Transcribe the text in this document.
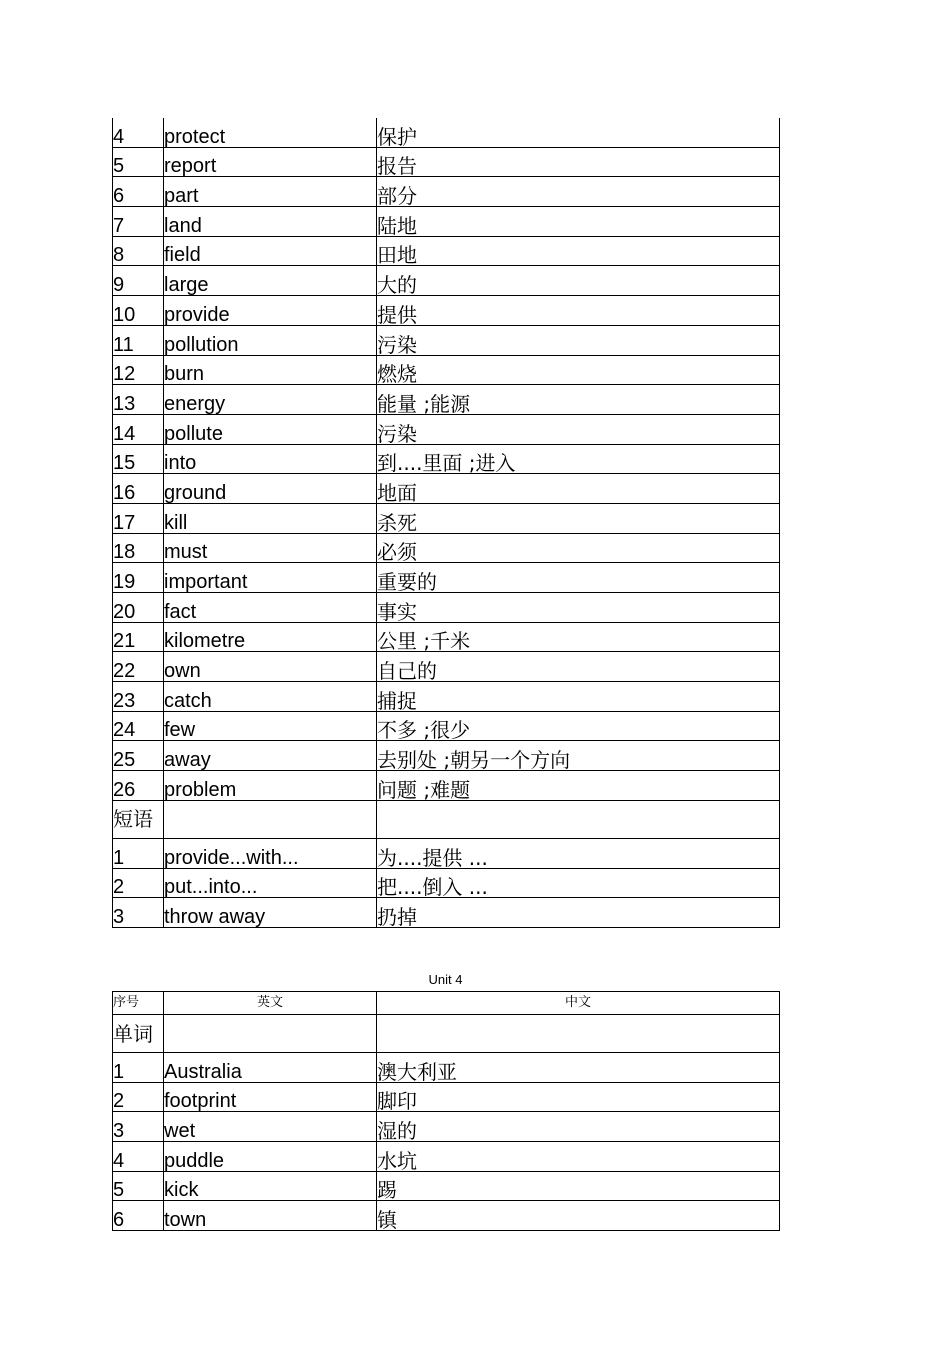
4	protect	保护
5	report	报告
6	part	部分
7	land	陆地
8	field	田地
9	large	大的
10	provide	提供
11	pollution	污染
12	burn	燃烧
13	energy	能量 ;能源
14	pollute	污染
15	into	到....里面 ;进入
16	ground	地面
17	kill	杀死
18	must	必须
19	important	重要的
20	fact	事实
21	kilometre	公里 ;千米
22	own	自己的
23	catch	捕捉
24	few	不多 ;很少
25	away	去别处 ;朝另一个方向
26	problem	问题 ;难题
短语		
1	provide...with...	为....提供 ...
2	put...into...	把....倒入 ...
3	throw away	扔掉
Unit 4
序号	英文	中文
单词		
1	Australia	澳大利亚
2	footprint	脚印
3	wet	湿的
4	puddle	水坑
5	kick	踢
6	town	镇
